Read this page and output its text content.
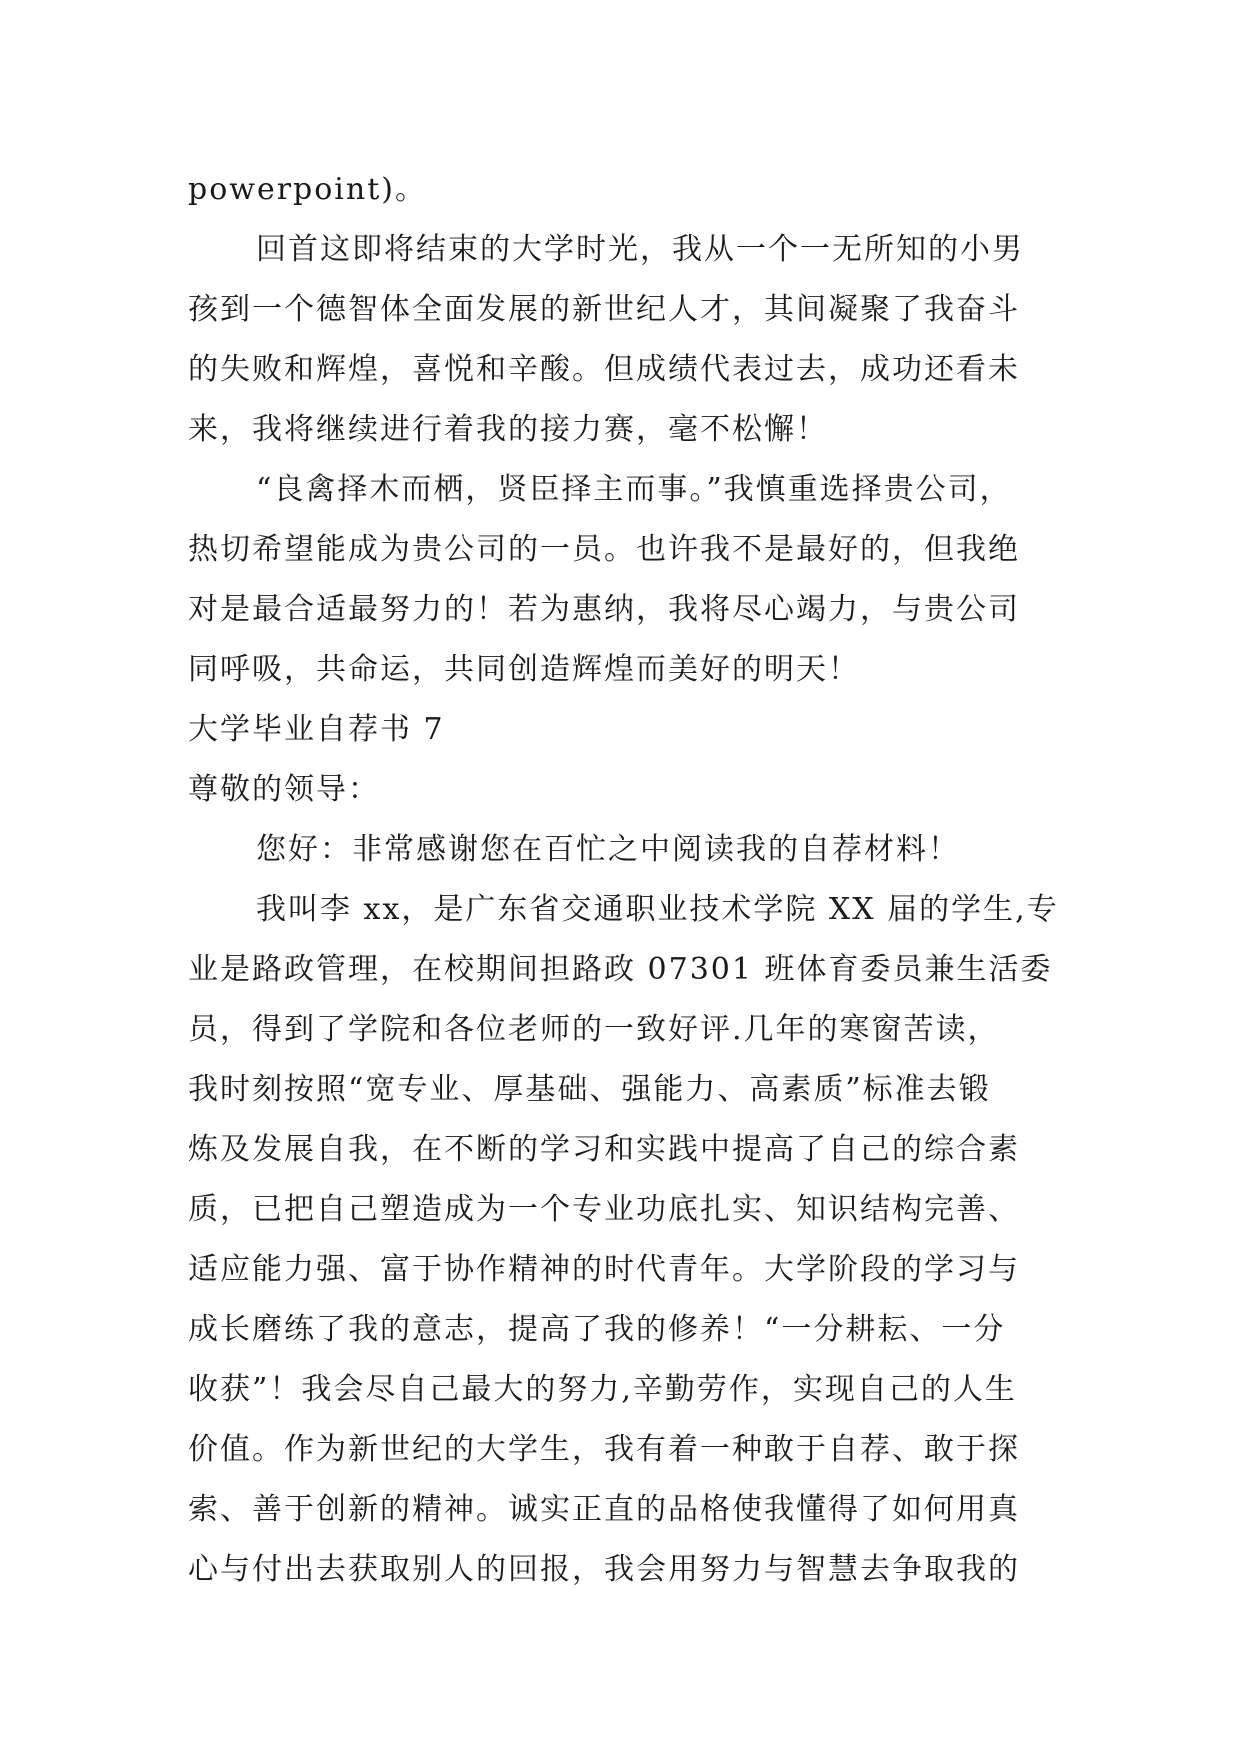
powerpoint)。
回首这即将结束的大学时光，我从一个一无所知的小男
孩到一个德智体全面发展的新世纪人才，其间凝聚了我奋斗
的失败和辉煌，喜悦和辛酸。但成绩代表过去，成功还看未
来，我将继续进行着我的接力赛，毫不松懈！
“良禽择木而栖，贤臣择主而事。”我慎重选择贵公司，
热切希望能成为贵公司的一员。也许我不是最好的，但我绝
对是最合适最努力的！若为惠纳，我将尽心竭力，与贵公司
同呼吸，共命运，共同创造辉煌而美好的明天！
大学毕业自荐书 7
尊敬的领导：
您好：非常感谢您在百忙之中阅读我的自荐材料！
我叫李 xx，是广东省交通职业技术学院 XX 届的学生,专
业是路政管理，在校期间担路政 07301 班体育委员兼生活委
员，得到了学院和各位老师的一致好评.几年的寒窗苦读，
我时刻按照“宽专业、厚基础、强能力、高素质”标准去锻
炼及发展自我，在不断的学习和实践中提高了自己的综合素
质，已把自己塑造成为一个专业功底扎实、知识结构完善、
适应能力强、富于协作精神的时代青年。大学阶段的学习与
成长磨练了我的意志，提高了我的修养！“一分耕耘、一分
收获”！我会尽自己最大的努力,辛勤劳作，实现自己的人生
价值。作为新世纪的大学生，我有着一种敢于自荐、敢于探
索、善于创新的精神。诚实正直的品格使我懂得了如何用真
心与付出去获取别人的回报，我会用努力与智慧去争取我的
